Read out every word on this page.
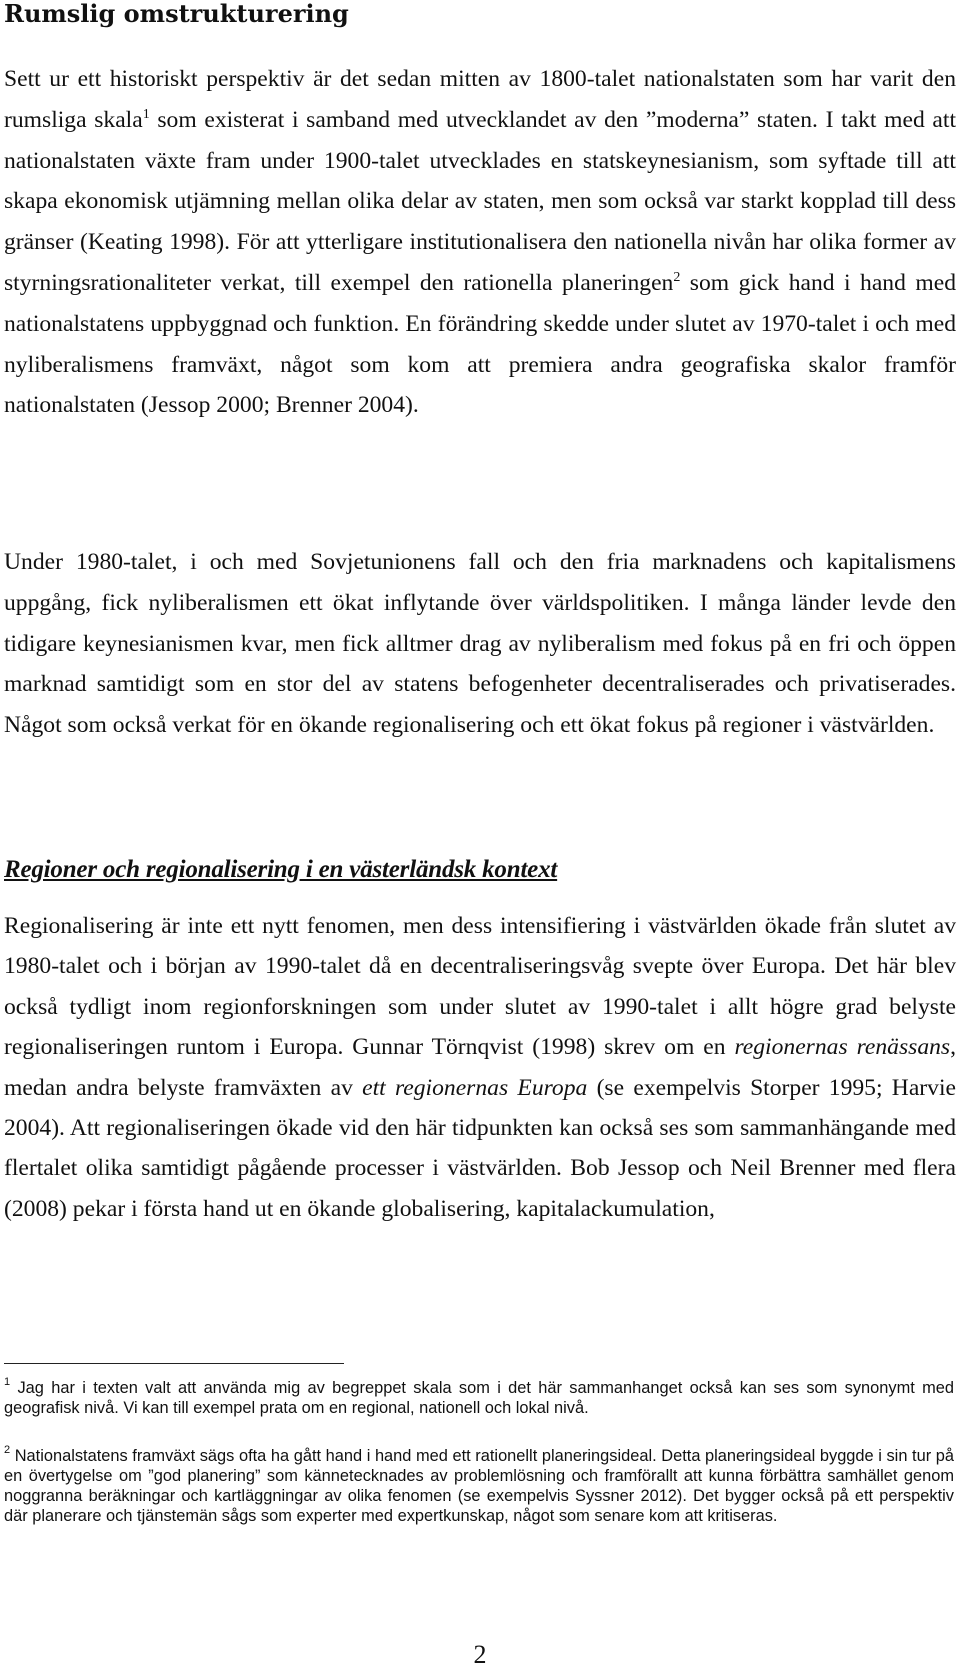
Rumslig omstrukturering

Sett ur ett historiskt perspektiv är det sedan mitten av 1800-talet nationalstaten som har varit den rumsliga skala$^1$ som existerat i samband med utvecklandet av den ”moderna” staten. I takt med att nationalstaten växte fram under 1900-talet utvecklades en statskeynesianism, som syftade till att skapa ekonomisk utjämning mellan olika delar av staten, men som också var starkt kopplad till dess gränser (Keating 1998). För att ytterligare institutionalisera den nationella nivån har olika former av styrningsrationaliteter verkat, till exempel den rationella planeringen$^2$ som gick hand i hand med nationalstatens uppbyggnad och funktion. En förändring skedde under slutet av 1970-talet i och med nyliberalismens framväxt, något som kom att premiera andra geografiska skalor framför nationalstaten (Jessop 2000; Brenner 2004).

Under 1980-talet, i och med Sovjetunionens fall och den fria marknadens och kapitalismens uppgång, fick nyliberalismen ett ökat inflytande över världspolitiken. I många länder levde den tidigare keynesianismen kvar, men fick alltmer drag av nyliberalism med fokus på en fri och öppen marknad samtidigt som en stor del av statens befogenheter decentraliserades och privatiserades. Något som också verkat för en ökande regionalisering och ett ökat fokus på regioner i västvärlden.

Regioner och regionalisering i en västerländsk kontext

Regionalisering är inte ett nytt fenomen, men dess intensifiering i västvärlden ökade från slutet av 1980-talet och i början av 1990-talet då en decentraliseringsvåg svepte över Europa. Det här blev också tydligt inom regionforskningen som under slutet av 1990-talet i allt högre grad belyste regionaliseringen runtom i Europa. Gunnar Törnqvist (1998) skrev om en regionernas renässans, medan andra belyste framväxten av ett regionernas Europa (se exempelvis Storper 1995; Harvie 2004). Att regionaliseringen ökade vid den här tidpunkten kan också ses som sammanhängande med flertalet olika samtidigt pågående processer i västvärlden. Bob Jessop och Neil Brenner med flera (2008) pekar i första hand ut en ökande globalisering, kapitalackumulation,

$^1$ Jag har i texten valt att använda mig av begreppet skala som i det här sammanhanget också kan ses som synonymt med geografisk nivå. Vi kan till exempel prata om en regional, nationell och lokal nivå.

$^2$ Nationalstatens framväxt sägs ofta ha gått hand i hand med ett rationellt planeringsideal. Detta planeringsideal byggde i sin tur på en övertygelse om ”god planering” som kännetecknades av problemlösning och framförallt att kunna förbättra samhället genom noggranna beräkningar och kartläggningar av olika fenomen (se exempelvis Syssner 2012). Det bygger också på ett perspektiv där planerare och tjänstemän sågs som experter med expertkunskap, något som senare kom att kritiseras.

2
